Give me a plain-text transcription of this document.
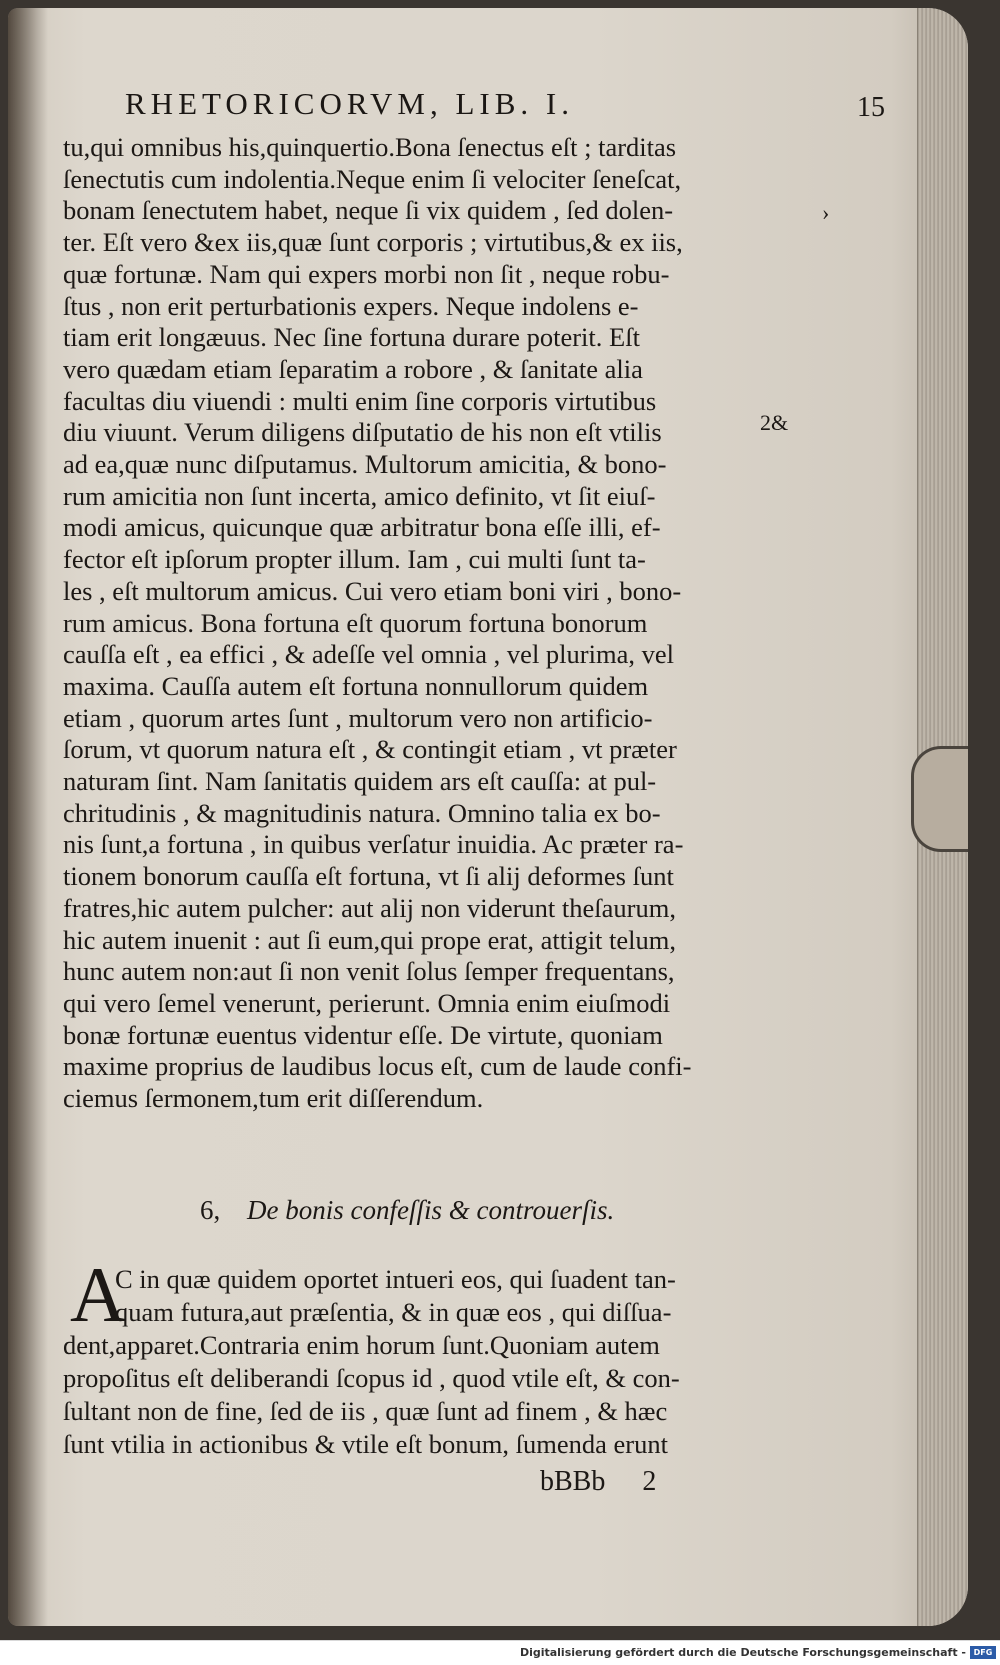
RHETORICORVM, LIB. I.	15
›
2&
tu,qui omnibus his,quinquertio.Bona ſenectus eſt ; tarditas
ſenectutis cum indolentia.Neque enim ſi velociter ſeneſcat,
bonam ſenectutem habet, neque ſi vix quidem , ſed dolen-
ter. Eſt vero &ex iis,quæ ſunt corporis ; virtutibus,& ex iis,
quæ fortunæ. Nam qui expers morbi non ſit , neque robu-
ſtus , non erit perturbationis expers. Neque indolens e-
tiam erit longæuus. Nec ſine fortuna durare poterit. Eſt
vero quædam etiam ſeparatim a robore , & ſanitate alia
facultas diu viuendi : multi enim ſine corporis virtutibus
diu viuunt. Verum diligens diſputatio de his non eſt vtilis
ad ea,quæ nunc diſputamus. Multorum amicitia, & bono-
rum amicitia non ſunt incerta, amico definito, vt ſit eiuſ-
modi amicus, quicunque quæ arbitratur bona eſſe illi, ef-
fector eſt ipſorum propter illum. Iam , cui multi ſunt ta-
les , eſt multorum amicus. Cui vero etiam boni viri , bono-
rum amicus. Bona fortuna eſt quorum fortuna bonorum
cauſſa eſt , ea effici , & adeſſe vel omnia , vel plurima, vel
maxima. Cauſſa autem eſt fortuna nonnullorum quidem
etiam , quorum artes ſunt , multorum vero non artificio-
ſorum, vt quorum natura eſt , & contingit etiam , vt præter
naturam ſint. Nam ſanitatis quidem ars eſt cauſſa: at pul-
chritudinis , & magnitudinis natura. Omnino talia ex bo-
nis ſunt,a fortuna , in quibus verſatur inuidia. Ac præter ra-
tionem bonorum cauſſa eſt fortuna, vt ſi alij deformes ſunt
fratres,hic autem pulcher: aut alij non viderunt theſaurum,
hic autem inuenit : aut ſi eum,qui prope erat, attigit telum,
hunc autem non:aut ſi non venit ſolus ſemper frequentans,
qui vero ſemel venerunt, perierunt. Omnia enim eiuſmodi
bonæ fortunæ euentus videntur eſſe. De virtute, quoniam
maxime proprius de laudibus locus eſt, cum de laude confi-
ciemus ſermonem,tum erit diſſerendum.
6, De bonis confeſſis & controuerſis.
A
C in quæ quidem oportet intueri eos, qui ſuadent tan-
quam futura,aut præſentia, & in quæ eos , qui diſſua-
dent,apparet.Contraria enim horum ſunt.Quoniam autem
propoſitus eſt deliberandi ſcopus id , quod vtile eſt, & con-
ſultant non de fine, ſed de iis , quæ ſunt ad finem , & hæc
ſunt vtilia in actionibus & vtile eſt bonum, ſumenda erunt
bBBb 2
Digitalisierung gefördert durch die Deutsche Forschungsgemeinschaft - DFG
